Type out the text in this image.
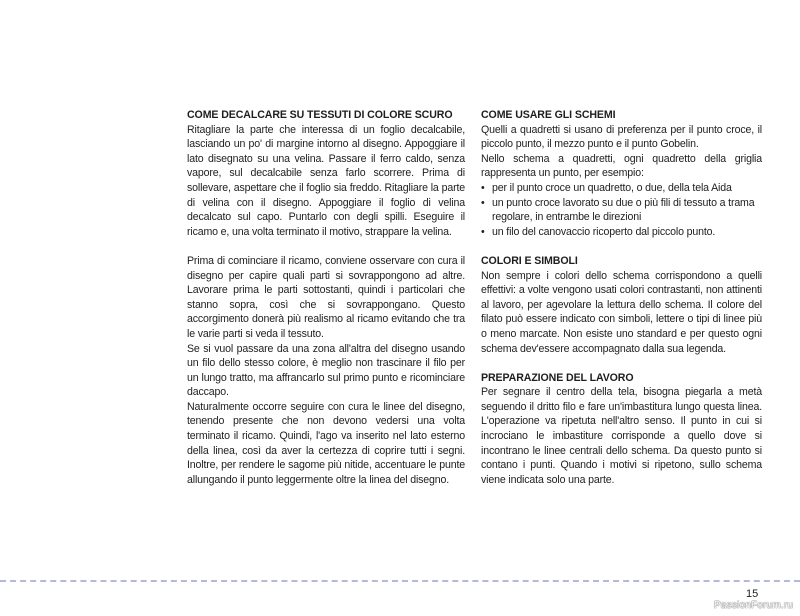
COME DECALCARE SU TESSUTI DI COLORE SCURO

Ritagliare la parte che interessa di un foglio decalcabile, lasciando un po' di margine intorno al disegno. Appoggiare il lato disegnato su una velina. Passare il ferro caldo, senza vapore, sul decalcabile senza farlo scorrere. Prima di sollevare, aspettare che il foglio sia freddo. Ritagliare la parte di velina con il disegno. Appoggiare il foglio di velina decalcato sul capo. Puntarlo con degli spilli. Eseguire il ricamo e, una volta terminato il motivo, strappare la velina.

Prima di cominciare il ricamo, conviene osservare con cura il disegno per capire quali parti si sovrappongono ad altre. Lavorare prima le parti sottostanti, quindi i particolari che stanno sopra, così che si sovrappongano. Questo accorgimento donerà più realismo al ricamo evitando che tra le varie parti si veda il tessuto.

Se si vuol passare da una zona all'altra del disegno usando un filo dello stesso colore, è meglio non trascinare il filo per un lungo tratto, ma affrancarlo sul primo punto e ricominciare daccapo.

Naturalmente occorre seguire con cura le linee del disegno, tenendo presente che non devono vedersi una volta terminato il ricamo. Quindi, l'ago va inserito nel lato esterno della linea, così da aver la certezza di coprire tutti i segni. Inoltre, per rendere le sagome più nitide, accentuare le punte allungando il punto leggermente oltre la linea del disegno.

COME USARE GLI SCHEMI

Quelli a quadretti si usano di preferenza per il punto croce, il piccolo punto, il mezzo punto e il punto Gobelin.

Nello schema a quadretti, ogni quadretto della griglia rappresenta un punto, per esempio:

• per il punto croce un quadretto, o due, della tela Aida
• un punto croce lavorato su due o più fili di tessuto a trama regolare, in entrambe le direzioni
• un filo del canovaccio ricoperto dal piccolo punto.

COLORI E SIMBOLI

Non sempre i colori dello schema corrispondono a quelli effettivi: a volte vengono usati colori contrastanti, non attinenti al lavoro, per agevolare la lettura dello schema. Il colore del filato può essere indicato con simboli, lettere o tipi di linee più o meno marcate. Non esiste uno standard e per questo ogni schema dev'essere accompagnato dalla sua legenda.

PREPARAZIONE DEL LAVORO

Per segnare il centro della tela, bisogna piegarla a metà seguendo il dritto filo e fare un'imbastitura lungo questa linea. L'operazione va ripetuta nell'altro senso. Il punto in cui si incrociano le imbastiture corrisponde a quello dove si incontrano le linee centrali dello schema. Da questo punto si contano i punti. Quando i motivi si ripetono, sullo schema viene indicata solo una parte.

15
PassionForum.ru
